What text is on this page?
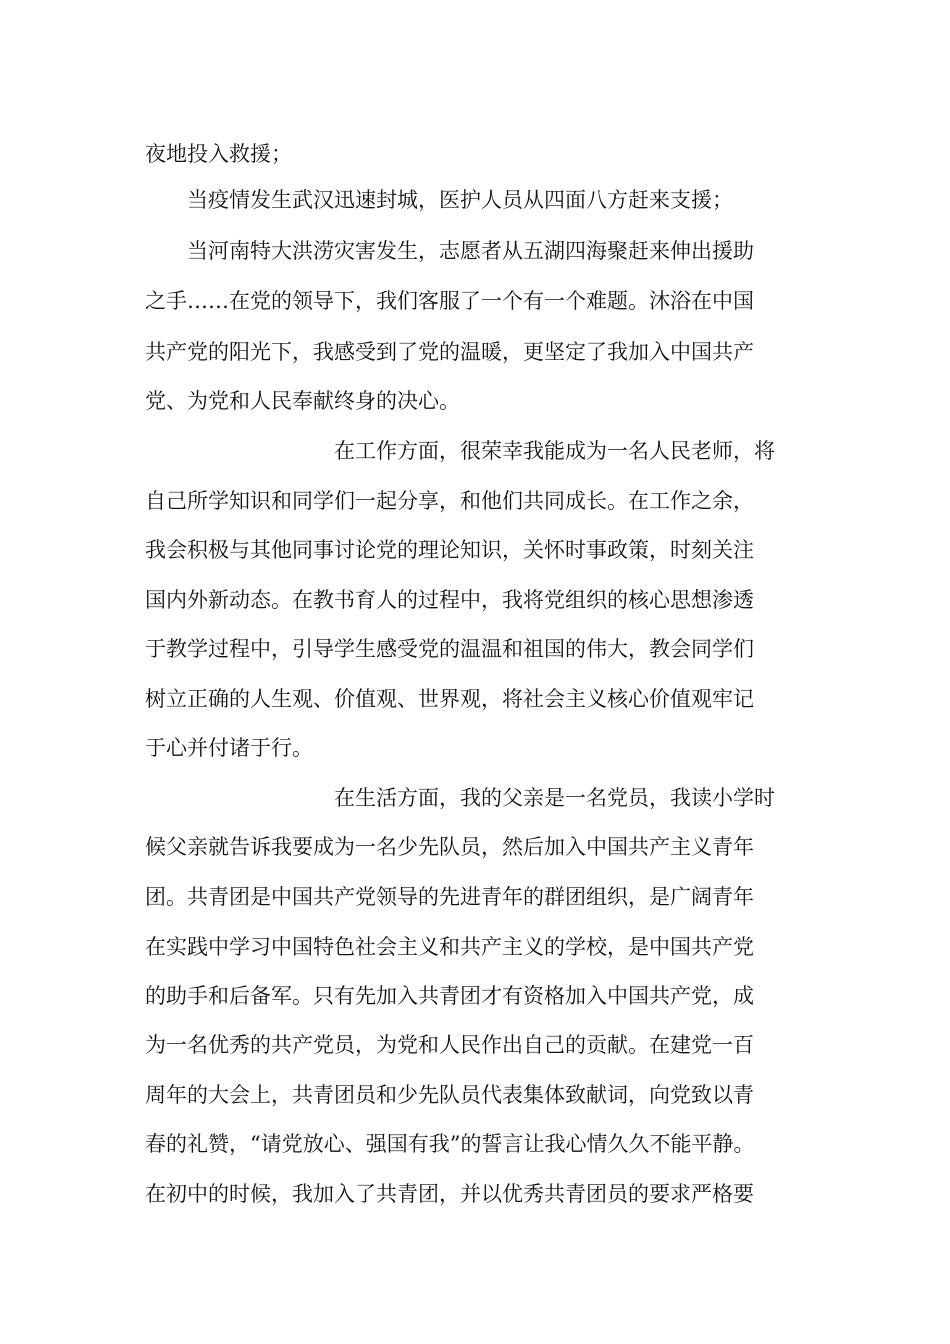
夜地投入救援；
当疫情发生武汉迅速封城，医护人员从四面八方赶来支援；
当河南特大洪涝灾害发生，志愿者从五湖四海聚赶来伸出援助
之手……在党的领导下，我们客服了一个有一个难题。沐浴在中国
共产党的阳光下，我感受到了党的温暖，更坚定了我加入中国共产
党、为党和人民奉献终身的决心。
在工作方面，很荣幸我能成为一名人民老师，将
自己所学知识和同学们一起分享，和他们共同成长。在工作之余，
我会积极与其他同事讨论党的理论知识，关怀时事政策，时刻关注
国内外新动态。在教书育人的过程中，我将党组织的核心思想渗透
于教学过程中，引导学生感受党的温温和祖国的伟大，教会同学们
树立正确的人生观、价值观、世界观，将社会主义核心价值观牢记
于心并付诸于行。
在生活方面，我的父亲是一名党员，我读小学时
候父亲就告诉我要成为一名少先队员，然后加入中国共产主义青年
团。共青团是中国共产党领导的先进青年的群团组织，是广阔青年
在实践中学习中国特色社会主义和共产主义的学校，是中国共产党
的助手和后备军。只有先加入共青团才有资格加入中国共产党，成
为一名优秀的共产党员，为党和人民作出自己的贡献。在建党一百
周年的大会上，共青团员和少先队员代表集体致献词，向党致以青
春的礼赞，“请党放心、强国有我”的誓言让我心情久久不能平静。
在初中的时候，我加入了共青团，并以优秀共青团员的要求严格要
